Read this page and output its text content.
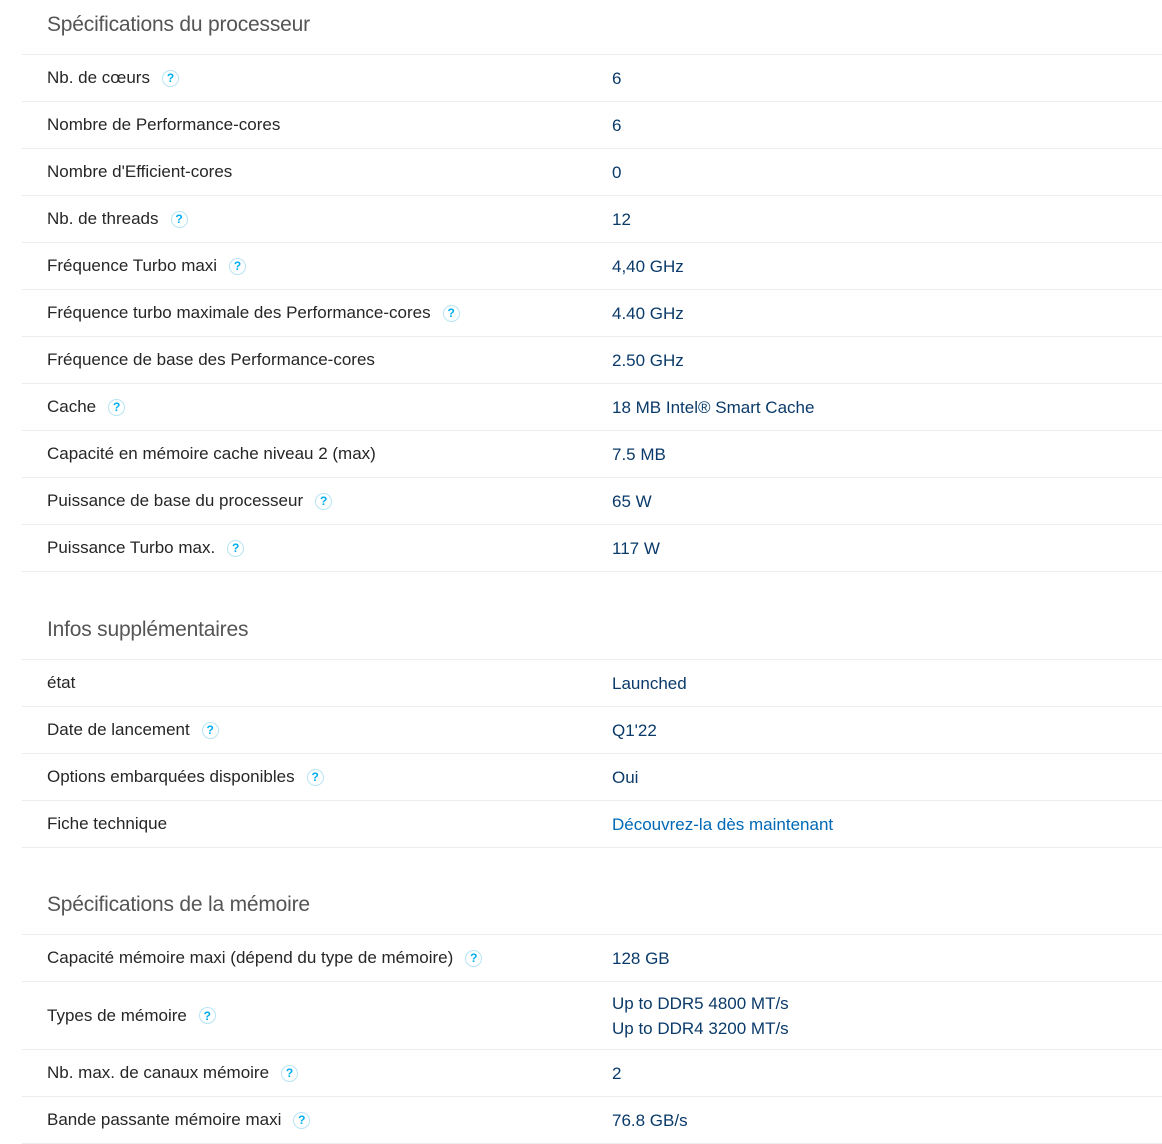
Spécifications du processeur
Nb. de cœurs	?	6
Nombre de Performance-cores	6
Nombre d'Efficient-cores	0
Nb. de threads	?	12
Fréquence Turbo maxi	?	4,40 GHz
Fréquence turbo maximale des Performance-cores	?	4.40 GHz
Fréquence de base des Performance-cores	2.50 GHz
Cache	?	18 MB Intel® Smart Cache
Capacité en mémoire cache niveau 2 (max)	7.5 MB
Puissance de base du processeur	?	65 W
Puissance Turbo max.	?	117 W
Infos supplémentaires
état	Launched
Date de lancement	?	Q1'22
Options embarquées disponibles	?	Oui
Fiche technique	Découvrez-la dès maintenant
Spécifications de la mémoire
Capacité mémoire maxi (dépend du type de mémoire)	?	128 GB
Types de mémoire	?
Up to DDR5 4800 MT/s
Up to DDR4 3200 MT/s
Nb. max. de canaux mémoire	?	2
Bande passante mémoire maxi	?	76.8 GB/s
